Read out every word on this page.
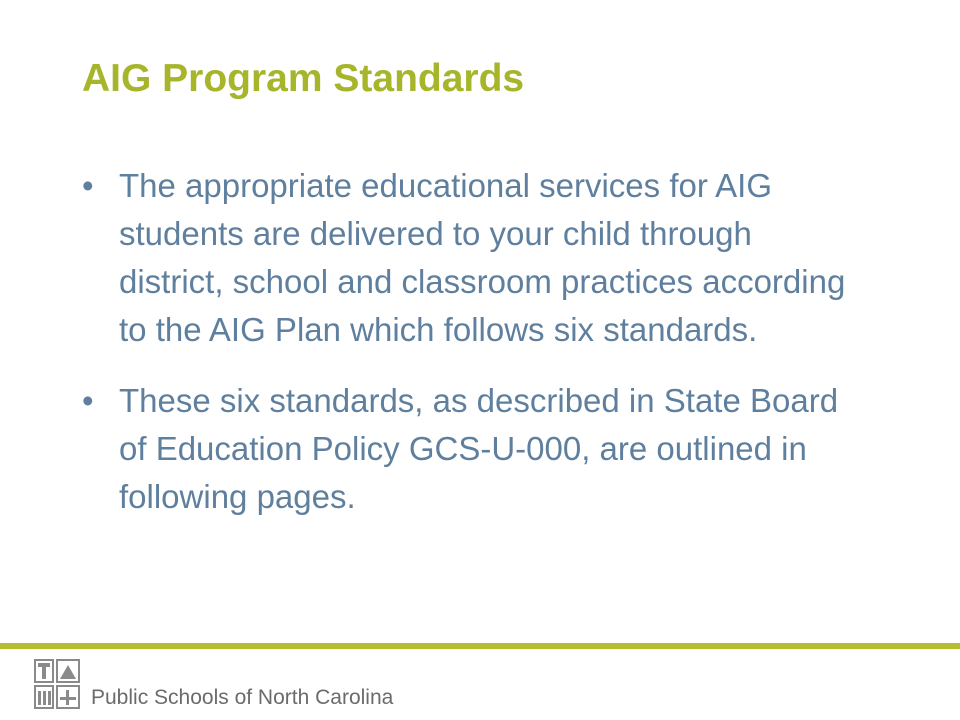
AIG Program Standards
• The appropriate educational services for AIG students are delivered to your child through district, school and classroom practices according to the AIG Plan which follows six standards.
• These six standards, as described in State Board of Education Policy GCS-U-000, are outlined in following pages.
Public Schools of North Carolina
